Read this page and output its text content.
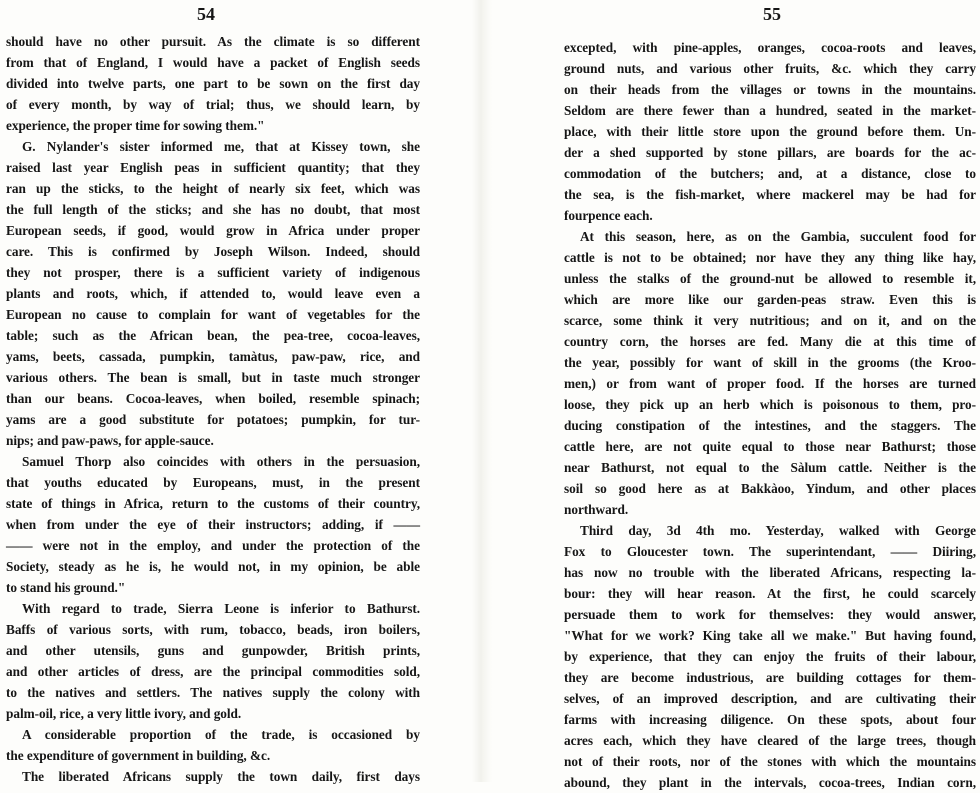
54
should have no other pursuit. As the climate is so different
from that of England, I would have a packet of English seeds
divided into twelve parts, one part to be sown on the first day
of every month, by way of trial; thus, we should learn, by
experience, the proper time for sowing them."
G. Nylander's sister informed me, that at Kissey town, she
raised last year English peas in sufficient quantity; that they
ran up the sticks, to the height of nearly six feet, which was
the full length of the sticks; and she has no doubt, that most
European seeds, if good, would grow in Africa under proper
care. This is confirmed by Joseph Wilson. Indeed, should
they not prosper, there is a sufficient variety of indigenous
plants and roots, which, if attended to, would leave even a
European no cause to complain for want of vegetables for the
table; such as the African bean, the pea-tree, cocoa-leaves,
yams, beets, cassada, pumpkin, tamàtus, paw-paw, rice, and
various others. The bean is small, but in taste much stronger
than our beans. Cocoa-leaves, when boiled, resemble spinach;
yams are a good substitute for potatoes; pumpkin, for tur-
nips; and paw-paws, for apple-sauce.
Samuel Thorp also coincides with others in the persuasion,
that youths educated by Europeans, must, in the present
state of things in Africa, return to the customs of their country,
when from under the eye of their instructors; adding, if ——
—— were not in the employ, and under the protection of the
Society, steady as he is, he would not, in my opinion, be able
to stand his ground."
With regard to trade, Sierra Leone is inferior to Bathurst.
Baffs of various sorts, with rum, tobacco, beads, iron boilers,
and other utensils, guns and gunpowder, British prints,
and other articles of dress, are the principal commodities sold,
to the natives and settlers. The natives supply the colony with
palm-oil, rice, a very little ivory, and gold.
A considerable proportion of the trade, is occasioned by
the expenditure of government in building, &c.
The liberated Africans supply the town daily, first days
55
excepted, with pine-apples, oranges, cocoa-roots and leaves,
ground nuts, and various other fruits, &c. which they carry
on their heads from the villages or towns in the mountains.
Seldom are there fewer than a hundred, seated in the market-
place, with their little store upon the ground before them. Un-
der a shed supported by stone pillars, are boards for the ac-
commodation of the butchers; and, at a distance, close to
the sea, is the fish-market, where mackerel may be had for
fourpence each.
At this season, here, as on the Gambia, succulent food for
cattle is not to be obtained; nor have they any thing like hay,
unless the stalks of the ground-nut be allowed to resemble it,
which are more like our garden-peas straw. Even this is
scarce, some think it very nutritious; and on it, and on the
country corn, the horses are fed. Many die at this time of
the year, possibly for want of skill in the grooms (the Kroo-
men,) or from want of proper food. If the horses are turned
loose, they pick up an herb which is poisonous to them, pro-
ducing constipation of the intestines, and the staggers. The
cattle here, are not quite equal to those near Bathurst; those
near Bathurst, not equal to the Sàlum cattle. Neither is the
soil so good here as at Bakkàoo, Yindum, and other places
northward.
Third day, 3d 4th mo. Yesterday, walked with George
Fox to Gloucester town. The superintendant, —— Diiring,
has now no trouble with the liberated Africans, respecting la-
bour: they will hear reason. At the first, he could scarcely
persuade them to work for themselves: they would answer,
"What for we work? King take all we make." But having found,
by experience, that they can enjoy the fruits of their labour,
they are become industrious, are building cottages for them-
selves, of an improved description, and are cultivating their
farms with increasing diligence. On these spots, about four
acres each, which they have cleared of the large trees, though
not of their roots, nor of the stones with which the mountains
abound, they plant in the intervals, cocoa-trees, Indian corn,
